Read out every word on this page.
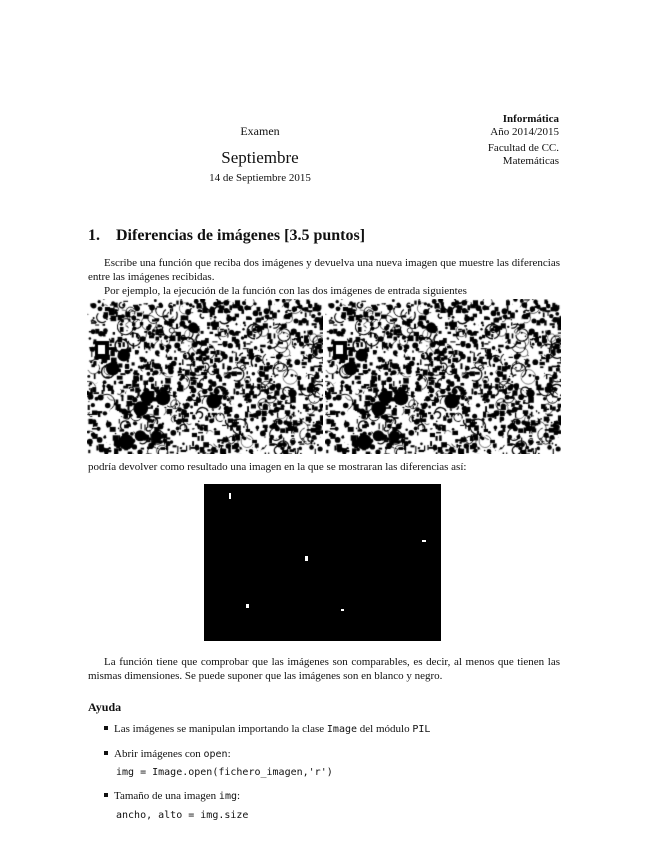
Examen
Septiembre
14 de Septiembre 2015
Informática
Año 2014/2015
Facultad de CC.
Matemáticas
1. Diferencias de imágenes [3.5 puntos]
Escribe una función que reciba dos imágenes y devuelva una nueva imagen que muestre las diferencias entre las imágenes recibidas.
Por ejemplo, la ejecución de la función con las dos imágenes de entrada siguientes
podría devolver como resultado una imagen en la que se mostraran las diferencias así:
La función tiene que comprobar que las imágenes son comparables, es decir, al menos que tienen las mismas dimensiones. Se puede suponer que las imágenes son en blanco y negro.
Ayuda
Las imágenes se manipulan importando la clase Image del módulo PIL
Abrir imágenes con open:
img = Image.open(fichero_imagen,'r')
Tamaño de una imagen img:
ancho, alto = img.size
